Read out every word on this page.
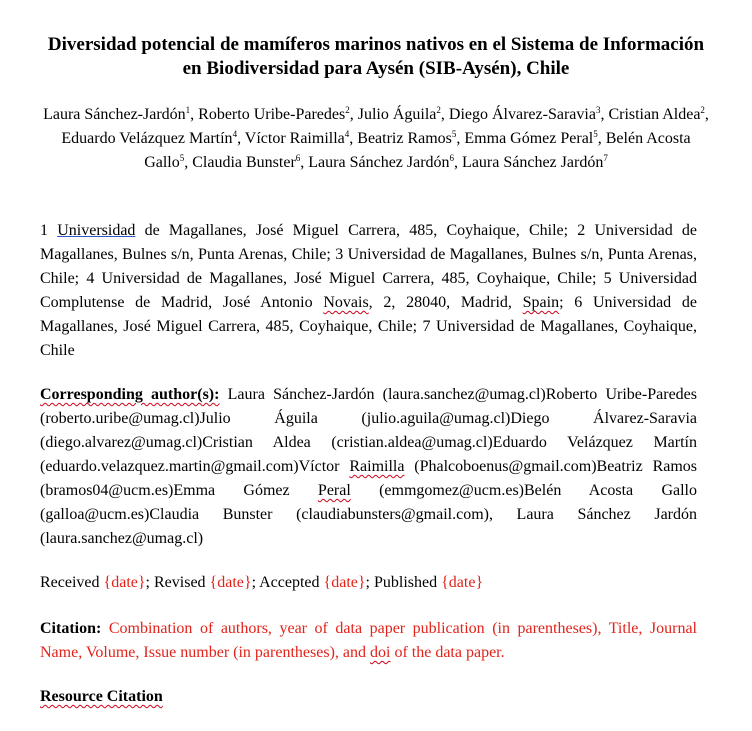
Diversidad potencial de mamíferos marinos nativos en el Sistema de Información en Biodiversidad para Aysén (SIB-Aysén), Chile
Laura Sánchez-Jardón$^1$, Roberto Uribe-Paredes$^2$, Julio Águila$^2$, Diego Álvarez-Saravia$^3$, Cristian Aldea$^2$, Eduardo Velázquez Martín$^4$, Víctor Raimilla$^4$, Beatriz Ramos$^5$, Emma Gómez Peral$^5$, Belén Acosta Gallo$^5$, Claudia Bunster$^6$, Laura Sánchez Jardón$^6$, Laura Sánchez Jardón$^7$
1 Universidad de Magallanes, José Miguel Carrera, 485, Coyhaique, Chile; 2 Universidad de Magallanes, Bulnes s/n, Punta Arenas, Chile; 3 Universidad de Magallanes, Bulnes s/n, Punta Arenas, Chile; 4 Universidad de Magallanes, José Miguel Carrera, 485, Coyhaique, Chile; 5 Universidad Complutense de Madrid, José Antonio Novais, 2, 28040, Madrid, Spain; 6 Universidad de Magallanes, José Miguel Carrera, 485, Coyhaique, Chile; 7 Universidad de Magallanes, Coyhaique, Chile
Corresponding author(s): Laura Sánchez-Jardón (laura.sanchez@umag.cl)Roberto Uribe-Paredes (roberto.uribe@umag.cl)Julio Águila (julio.aguila@umag.cl)Diego Álvarez-Saravia (diego.alvarez@umag.cl)Cristian Aldea (cristian.aldea@umag.cl)Eduardo Velázquez Martín (eduardo.velazquez.martin@gmail.com)Víctor Raimilla (Phalcoboenus@gmail.com)Beatriz Ramos (bramos04@ucm.es)Emma Gómez Peral (emmgomez@ucm.es)Belén Acosta Gallo (galloa@ucm.es)Claudia Bunster (claudiabunsters@gmail.com), Laura Sánchez Jardón (laura.sanchez@umag.cl)
Received {date}; Revised {date}; Accepted {date}; Published {date}
Citation: Combination of authors, year of data paper publication (in parentheses), Title, Journal Name, Volume, Issue number (in parentheses), and doi of the data paper.
Resource Citation
